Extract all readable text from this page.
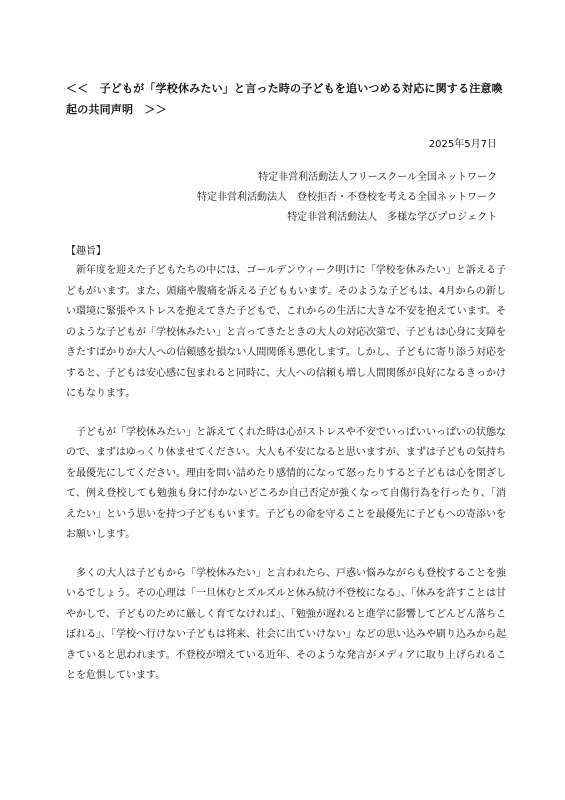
＜＜　子どもが「学校休みたい」と言った時の子どもを追いつめる対応に関する注意喚起の共同声明　＞＞

2025年5月7日
特定非営利活動法人フリースクール全国ネットワーク
特定非営利活動法人　登校拒否・不登校を考える全国ネットワーク
特定非営利活動法人　多様な学びプロジェクト

【趣旨】

新年度を迎えた子どもたちの中には、ゴールデンウィーク明けに「学校を休みたい」と訴える子どもがいます。また、頭痛や腹痛を訴える子どももいます。そのような子どもは、4月からの新しい環境に緊張やストレスを抱えてきた子どもで、これからの生活に大きな不安を抱えています。そのような子どもが「学校休みたい」と言ってきたときの大人の対応次第で、子どもは心身に支障をきたすばかりか大人への信頼感を損ない人間関係も悪化します。しかし、子どもに寄り添う対応をすると、子どもは安心感に包まれると同時に、大人への信頼も増し人間関係が良好になるきっかけにもなります。

子どもが「学校休みたい」と訴えてくれた時は心がストレスや不安でいっぱいいっぱいの状態なので、まずはゆっくり休ませてください。大人も不安になると思いますが、まずは子どもの気持ちを最優先にしてください。理由を問い詰めたり感情的になって怒ったりすると子どもは心を閉ざして、例え登校しても勉強も身に付かないどころか自己否定が強くなって自傷行為を行ったり、「消えたい」という思いを持つ子どももいます。子どもの命を守ることを最優先に子どもへの寄添いをお願いします。

多くの大人は子どもから「学校休みたい」と言われたら、戸惑い悩みながらも登校することを強いるでしょう。その心理は「一旦休むとズルズルと休み続け不登校になる」、「休みを許すことは甘やかしで、子どものために厳しく育てなければ」、「勉強が遅れると進学に影響してどんどん落ちこぼれる」、「学校へ行けない子どもは将来、社会に出ていけない」などの思い込みや刷り込みから起きていると思われます。不登校が増えている近年、そのような発言がメディアに取り上げられることを危惧しています。
